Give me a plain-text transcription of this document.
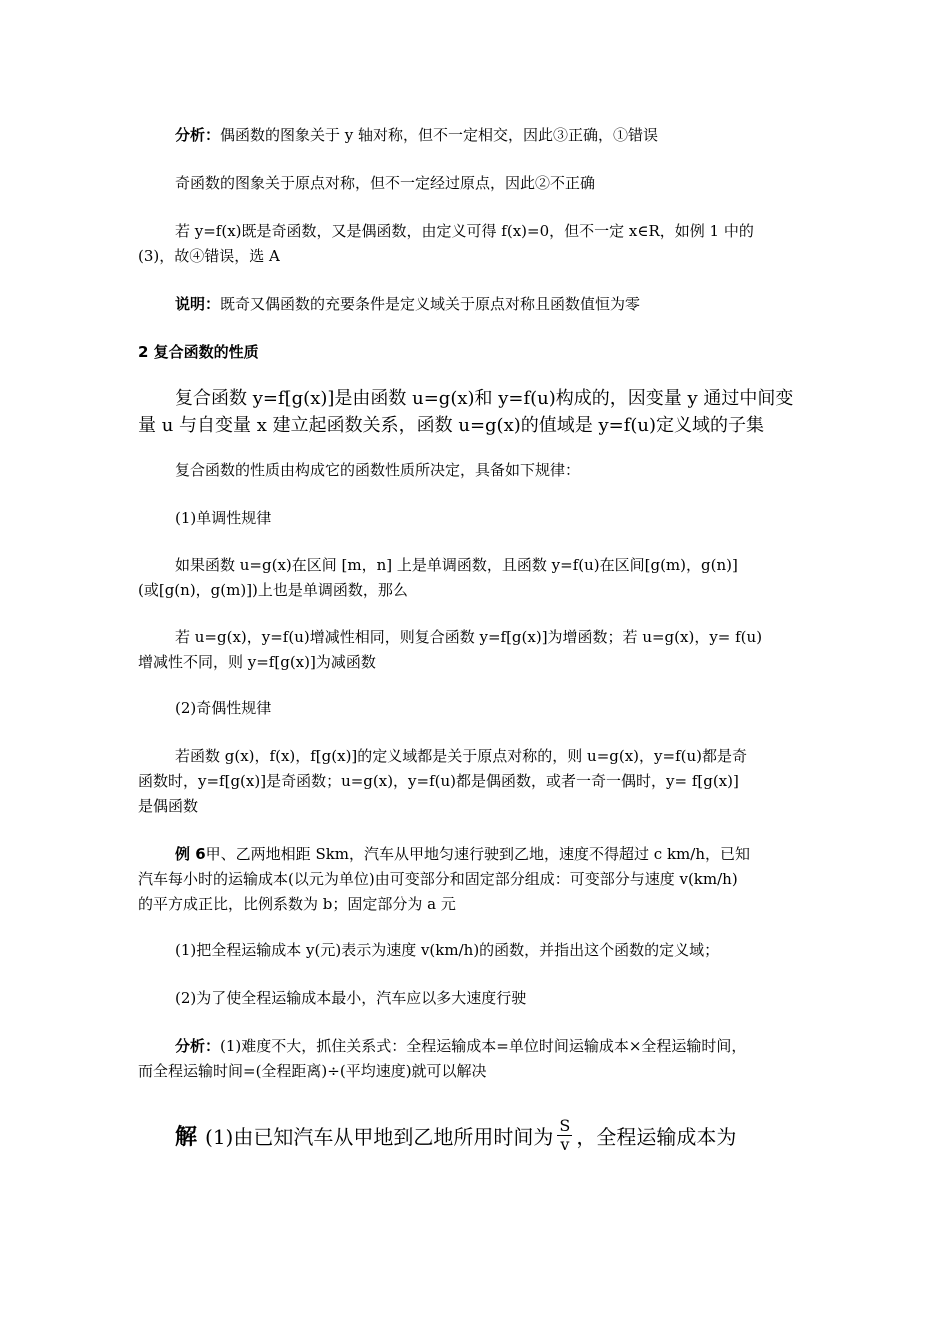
分析：偶函数的图象关于 y 轴对称，但不一定相交，因此③正确，①错误

奇函数的图象关于原点对称，但不一定经过原点，因此②不正确

若 y=f(x)既是奇函数，又是偶函数，由定义可得 f(x)=0，但不一定 x∈R，如例 1 中的
(3)，故④错误，选 A

说明：既奇又偶函数的充要条件是定义域关于原点对称且函数值恒为零

2 复合函数的性质

复合函数 y=f[g(x)]是由函数 u=g(x)和 y=f(u)构成的，因变量 y 通过中间变
量 u 与自变量 x 建立起函数关系，函数 u=g(x)的值域是 y=f(u)定义域的子集

复合函数的性质由构成它的函数性质所决定，具备如下规律：

(1)单调性规律

如果函数 u=g(x)在区间 [m，n] 上是单调函数，且函数 y=f(u)在区间[g(m)，g(n)]
(或[g(n)，g(m)])上也是单调函数，那么

若 u=g(x)，y=f(u)增减性相同，则复合函数 y=f[g(x)]为增函数；若 u=g(x)，y= f(u)
增减性不同，则 y=f[g(x)]为减函数

(2)奇偶性规律

若函数 g(x)，f(x)，f[g(x)]的定义域都是关于原点对称的，则 u=g(x)，y=f(u)都是奇
函数时，y=f[g(x)]是奇函数；u=g(x)，y=f(u)都是偶函数，或者一奇一偶时，y= f[g(x)]
是偶函数

例 6甲、乙两地相距 Skm，汽车从甲地匀速行驶到乙地，速度不得超过 c km/h，已知
汽车每小时的运输成本(以元为单位)由可变部分和固定部分组成：可变部分与速度 v(km/h)
的平方成正比，比例系数为 b；固定部分为 a 元

(1)把全程运输成本 y(元)表示为速度 v(km/h)的函数，并指出这个函数的定义域；

(2)为了使全程运输成本最小，汽车应以多大速度行驶

分析：(1)难度不大，抓住关系式：全程运输成本=单位时间运输成本×全程运输时间，
而全程运输时间=(全程距离)÷(平均速度)就可以解决

解 (1)由已知汽车从甲地到乙地所用时间为 $\frac{S}{v}$ ，全程运输成本为
